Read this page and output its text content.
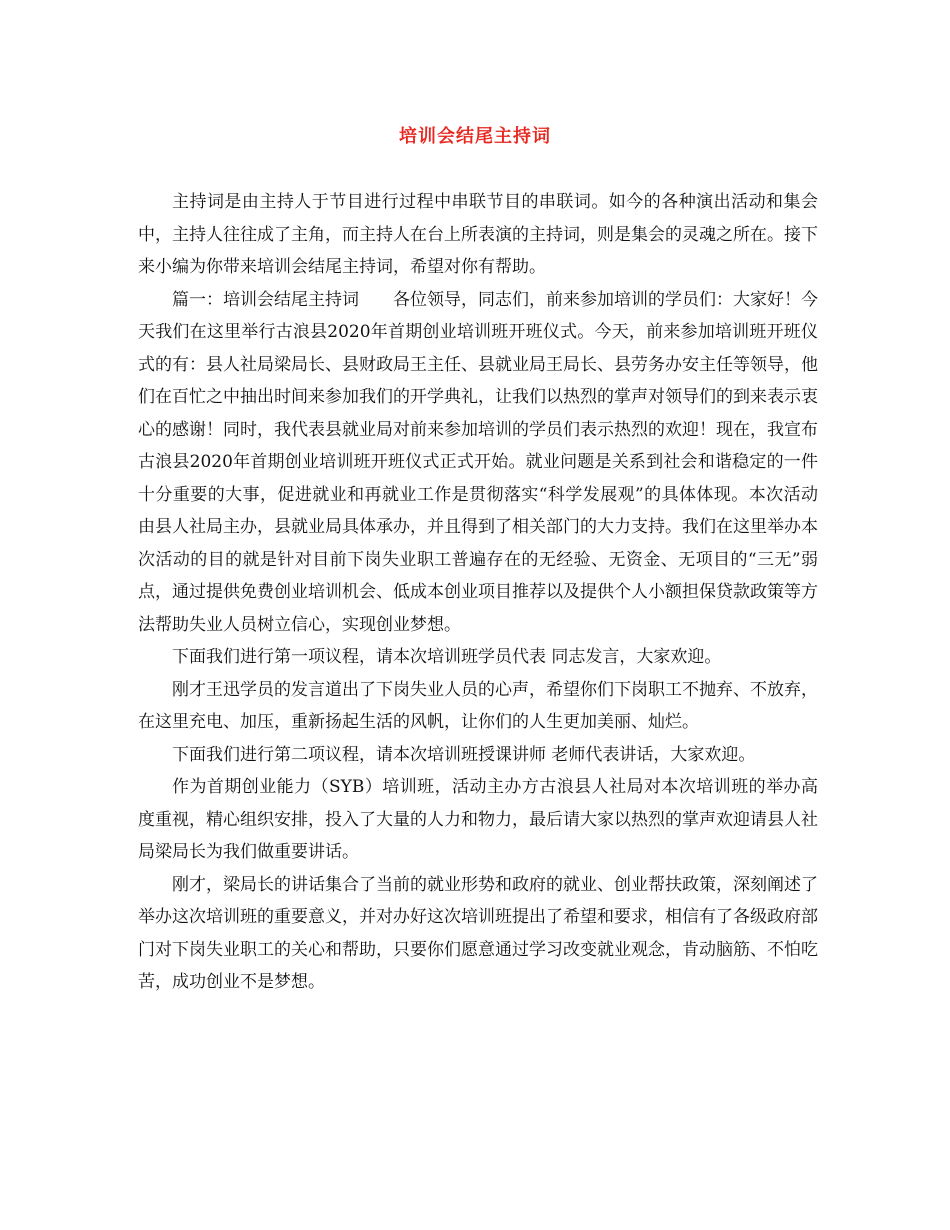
培训会结尾主持词

主持词是由主持人于节目进行过程中串联节目的串联词。如今的各种演出活动和集会中，主持人往往成了主角，而主持人在台上所表演的主持词，则是集会的灵魂之所在。接下来小编为你带来培训会结尾主持词，希望对你有帮助。

篇一：培训会结尾主持词　　各位领导，同志们，前来参加培训的学员们：大家好！今天我们在这里举行古浪县2020年首期创业培训班开班仪式。今天，前来参加培训班开班仪式的有：县人社局梁局长、县财政局王主任、县就业局王局长、县劳务办安主任等领导，他们在百忙之中抽出时间来参加我们的开学典礼，让我们以热烈的掌声对领导们的到来表示衷心的感谢！同时，我代表县就业局对前来参加培训的学员们表示热烈的欢迎！现在，我宣布古浪县2020年首期创业培训班开班仪式正式开始。就业问题是关系到社会和谐稳定的一件十分重要的大事，促进就业和再就业工作是贯彻落实“科学发展观”的具体体现。本次活动由县人社局主办，县就业局具体承办，并且得到了相关部门的大力支持。我们在这里举办本次活动的目的就是针对目前下岗失业职工普遍存在的无经验、无资金、无项目的“三无”弱点，通过提供免费创业培训机会、低成本创业项目推荐以及提供个人小额担保贷款政策等方法帮助失业人员树立信心，实现创业梦想。

下面我们进行第一项议程，请本次培训班学员代表 同志发言，大家欢迎。

刚才王迅学员的发言道出了下岗失业人员的心声，希望你们下岗职工不抛弃、不放弃，在这里充电、加压，重新扬起生活的风帆，让你们的人生更加美丽、灿烂。

下面我们进行第二项议程，请本次培训班授课讲师 老师代表讲话，大家欢迎。

作为首期创业能力（SYB）培训班，活动主办方古浪县人社局对本次培训班的举办高度重视，精心组织安排，投入了大量的人力和物力，最后请大家以热烈的掌声欢迎请县人社局梁局长为我们做重要讲话。

刚才，梁局长的讲话集合了当前的就业形势和政府的就业、创业帮扶政策，深刻阐述了举办这次培训班的重要意义，并对办好这次培训班提出了希望和要求，相信有了各级政府部门对下岗失业职工的关心和帮助，只要你们愿意通过学习改变就业观念，肯动脑筋、不怕吃苦，成功创业不是梦想。
